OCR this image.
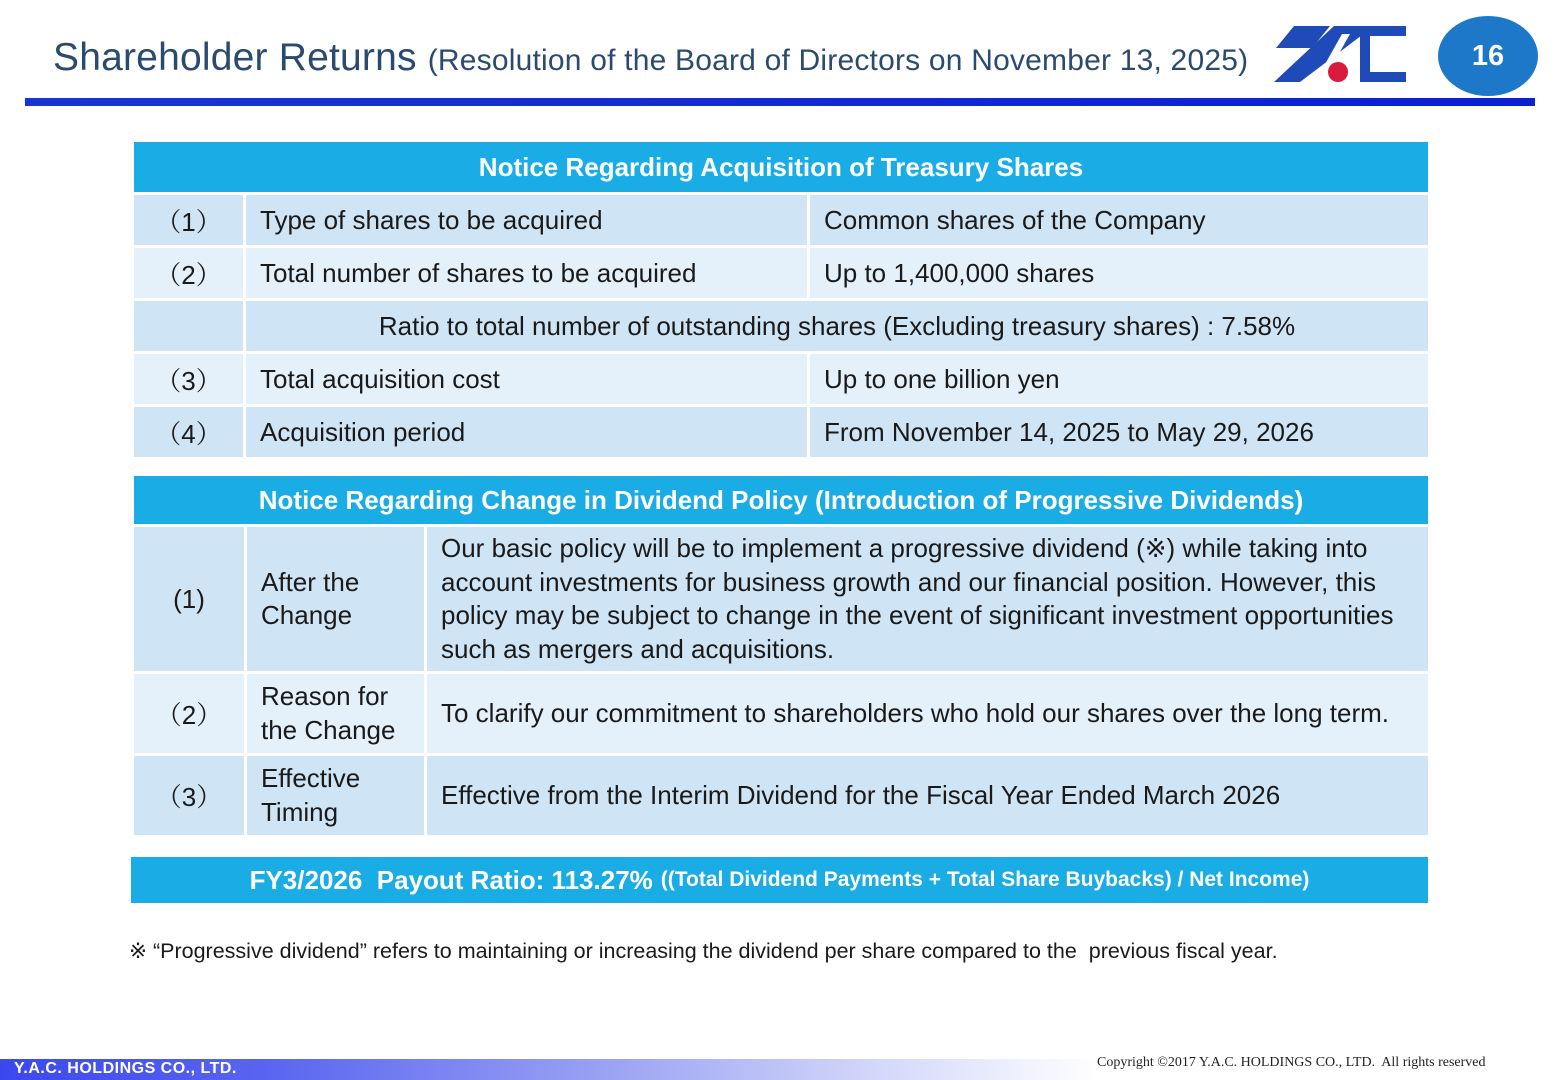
Shareholder Returns (Resolution of the Board of Directors on November 13, 2025)	16
Notice Regarding Acquisition of Treasury Shares		
（1）	Type of shares to be acquired	Common shares of the Company
（2）	Total number of shares to be acquired	Up to 1,400,000 shares
	Ratio to total number of outstanding shares (Excluding treasury shares) : 7.58%	
（3）	Total acquisition cost	Up to one billion yen
（4）	Acquisition period	From November 14, 2025 to May 29, 2026
Notice Regarding Change in Dividend Policy (Introduction of Progressive Dividends)		
(1)	After the Change	Our basic policy will be to implement a progressive dividend (※) while taking into account investments for business growth and our financial position. However, this policy may be subject to change in the event of significant investment opportunities such as mergers and acquisitions.
（2）	Reason for the Change	To clarify our commitment to shareholders who hold our shares over the long term.
（3）	Effective Timing	Effective from the Interim Dividend for the Fiscal Year Ended March 2026
FY3/2026  Payout Ratio: 113.27% ((Total Dividend Payments + Total Share Buybacks) / Net Income)
※ “Progressive dividend” refers to maintaining or increasing the dividend per share compared to the  previous fiscal year.
Y.A.C. HOLDINGS CO., LTD.	Copyright ©2017 Y.A.C. HOLDINGS CO., LTD.  All rights reserved
